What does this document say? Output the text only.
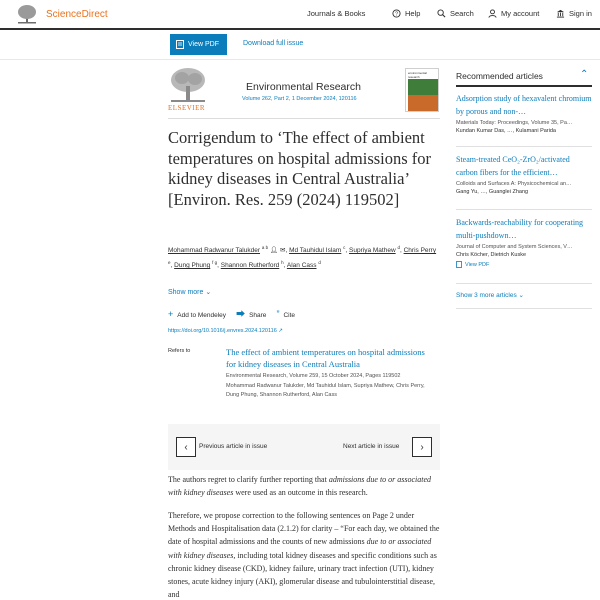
ScienceDirect	Journals & Books	? Help	Search	My account	Sign in
View PDF	Download full issue
ELSEVIER
Environmental Research
Volume 262, Part 2, 1 December 2024, 120116
environmental research
Corrigendum to ‘The effect of ambient temperatures on hospital admissions for kidney diseases in Central Australia’ [Environ. Res. 259 (2024) 119502]
Mohammad Radwanur Talukder $^{a b}$ 👤︎ ✉, Md Tauhidul Islam $^c$, Supriya Mathew $^d$, Chris Perry $^e$, Dung Phung $^{f g}$, Shannon Rutherford $^h$, Alan Cass $^d$
Show more ⌄
+ Add to Mendeley ⮕ Share ” Cite
https://doi.org/10.1016/j.envres.2024.120116 ↗
Refers to	The effect of ambient temperatures on hospital admissions for kidney diseases in Central Australia
Environmental Research, Volume 259, 15 October 2024, Pages 119502
Mohammad Radwanur Talukder, Md Tauhidul Islam, Supriya Mathew, Chris Perry, Dung Phung, Shannon Rutherford, Alan Cass
‹ Previous article in issue	Next article in issue ›

The authors regret to clarify further reporting that admissions due to or associated with kidney diseases were used as an outcome in this research.

Therefore, we propose correction to the following sentences on Page 2 under Methods and Hospitalisation data (2.1.2) for clarity – “For each day, we obtained the date of hospital admissions and the counts of new admissions due to or associated with kidney diseases, including total kidney diseases and specific conditions such as chronic kidney disease (CKD), kidney failure, urinary tract infection (UTI), kidney stones, acute kidney injury (AKI), glomerular disease and tubulointerstitial disease, and

Recommended articles	⌃
Adsorption study of hexavalent chromium by porous and non-…
Materials Today: Proceedings, Volume 35, Pa…
Kundan Kumar Das, …, Kulamani Parida
Steam-treated CeO₂-ZrO₂/activated carbon fibers for the efficient…
Colloids and Surfaces A: Physicochemical an…
Gang Yu, …, Guanglei Zhang
Backwards-reachability for cooperating multi-pushdown…
Journal of Computer and System Sciences, V…
Chris Köcher, Dietrich Kuske
View PDF
Show 3 more articles ⌄
